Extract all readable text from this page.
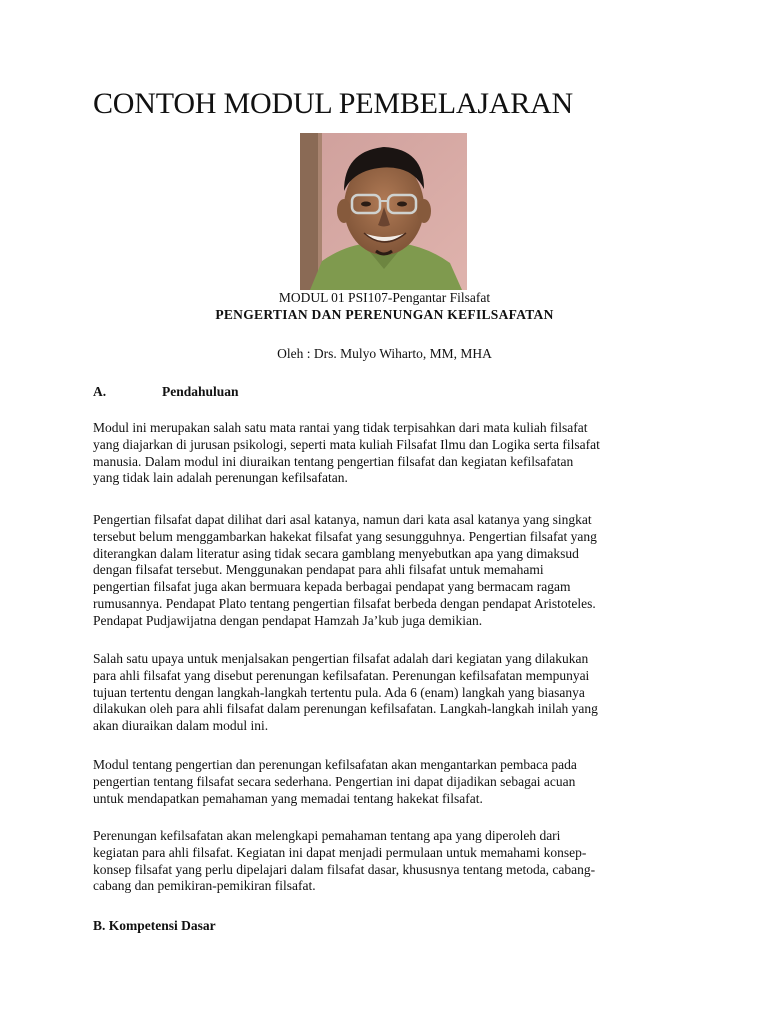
CONTOH MODUL PEMBELAJARAN
MODUL 01 PSI107-Pengantar Filsafat
PENGERTIAN DAN PERENUNGAN KEFILSAFATAN
Oleh : Drs. Mulyo Wiharto, MM, MHA
A.	Pendahuluan

Modul ini merupakan salah satu mata rantai yang tidak terpisahkan dari mata kuliah filsafat
yang diajarkan di jurusan psikologi, seperti mata kuliah Filsafat Ilmu dan Logika serta filsafat
manusia. Dalam modul ini diuraikan tentang pengertian filsafat dan kegiatan kefilsafatan
yang tidak lain adalah perenungan kefilsafatan.

Pengertian filsafat dapat dilihat dari asal katanya, namun dari kata asal katanya yang singkat
tersebut belum menggambarkan hakekat filsafat yang sesungguhnya. Pengertian filsafat yang
diterangkan dalam literatur asing tidak secara gamblang menyebutkan apa yang dimaksud
dengan filsafat tersebut. Menggunakan pendapat para ahli filsafat untuk memahami
pengertian filsafat juga akan bermuara kepada berbagai pendapat yang bermacam ragam
rumusannya. Pendapat Plato tentang pengertian filsafat berbeda dengan pendapat Aristoteles.
Pendapat Pudjawijatna dengan pendapat Hamzah Ja’kub juga demikian.

Salah satu upaya untuk menjalsakan pengertian filsafat adalah dari kegiatan yang dilakukan
para ahli filsafat yang disebut perenungan kefilsafatan. Perenungan kefilsafatan mempunyai
tujuan tertentu dengan langkah-langkah tertentu pula. Ada 6 (enam) langkah yang biasanya
dilakukan oleh para ahli filsafat dalam perenungan kefilsafatan. Langkah-langkah inilah yang
akan diuraikan dalam modul ini.

Modul tentang pengertian dan perenungan kefilsafatan akan mengantarkan pembaca pada
pengertian tentang filsafat secara sederhana. Pengertian ini dapat dijadikan sebagai acuan
untuk mendapatkan pemahaman yang memadai tentang hakekat filsafat.

Perenungan kefilsafatan akan melengkapi pemahaman tentang apa yang diperoleh dari
kegiatan para ahli filsafat. Kegiatan ini dapat menjadi permulaan untuk memahami konsep-
konsep filsafat yang perlu dipelajari dalam filsafat dasar, khususnya tentang metoda, cabang-
cabang dan pemikiran-pemikiran filsafat.

B. Kompetensi Dasar
